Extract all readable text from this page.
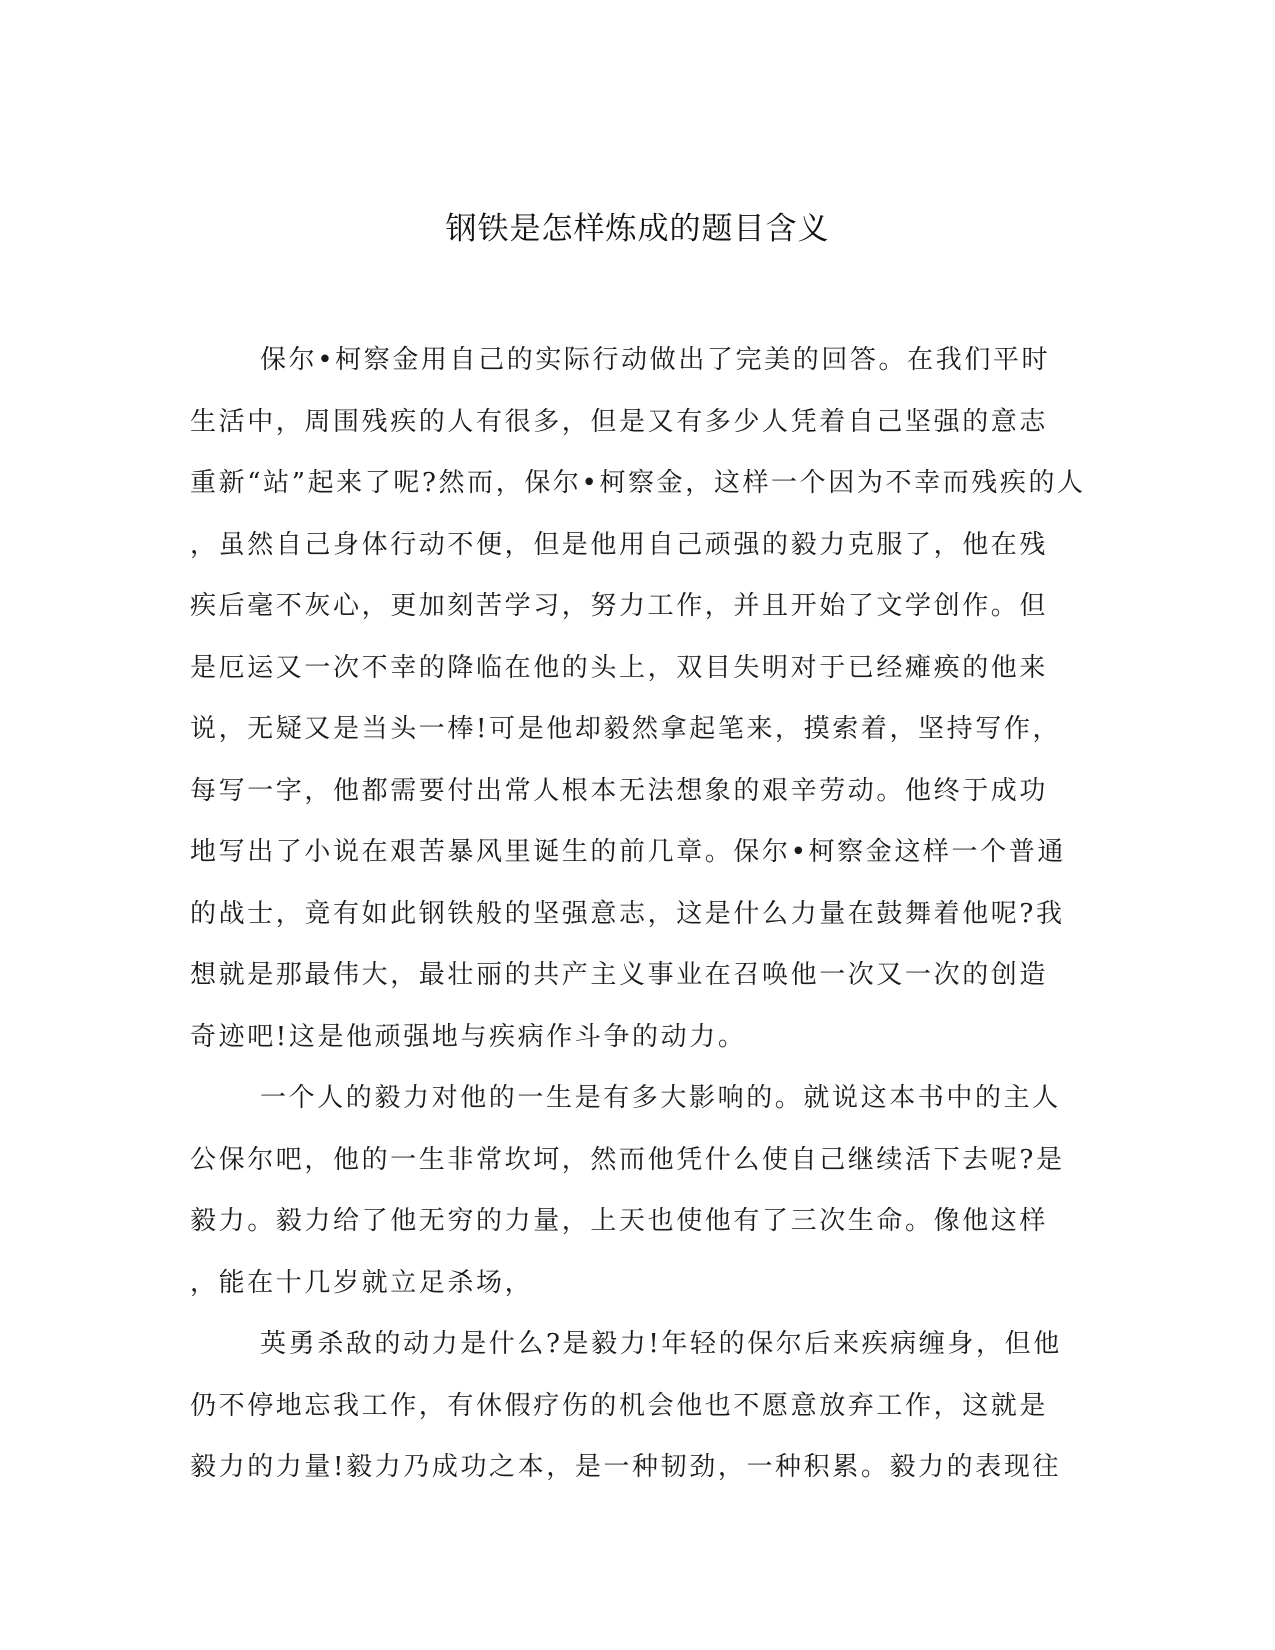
钢铁是怎样炼成的题目含义
保尔•柯察金用自己的实际行动做出了完美的回答。在我们平时
生活中，周围残疾的人有很多，但是又有多少人凭着自己坚强的意志
重新“站”起来了呢?然而，保尔•柯察金，这样一个因为不幸而残疾的人
，虽然自己身体行动不便，但是他用自己顽强的毅力克服了，他在残
疾后毫不灰心，更加刻苦学习，努力工作，并且开始了文学创作。但
是厄运又一次不幸的降临在他的头上，双目失明对于已经瘫痪的他来
说，无疑又是当头一棒!可是他却毅然拿起笔来，摸索着，坚持写作，
每写一字，他都需要付出常人根本无法想象的艰辛劳动。他终于成功
地写出了小说在艰苦暴风里诞生的前几章。保尔•柯察金这样一个普通
的战士，竟有如此钢铁般的坚强意志，这是什么力量在鼓舞着他呢?我
想就是那最伟大，最壮丽的共产主义事业在召唤他一次又一次的创造
奇迹吧!这是他顽强地与疾病作斗争的动力。
一个人的毅力对他的一生是有多大影响的。就说这本书中的主人
公保尔吧，他的一生非常坎坷，然而他凭什么使自己继续活下去呢?是
毅力。毅力给了他无穷的力量，上天也使他有了三次生命。像他这样
，能在十几岁就立足杀场，
英勇杀敌的动力是什么?是毅力!年轻的保尔后来疾病缠身，但他
仍不停地忘我工作，有休假疗伤的机会他也不愿意放弃工作，这就是
毅力的力量!毅力乃成功之本，是一种韧劲，一种积累。毅力的表现往
